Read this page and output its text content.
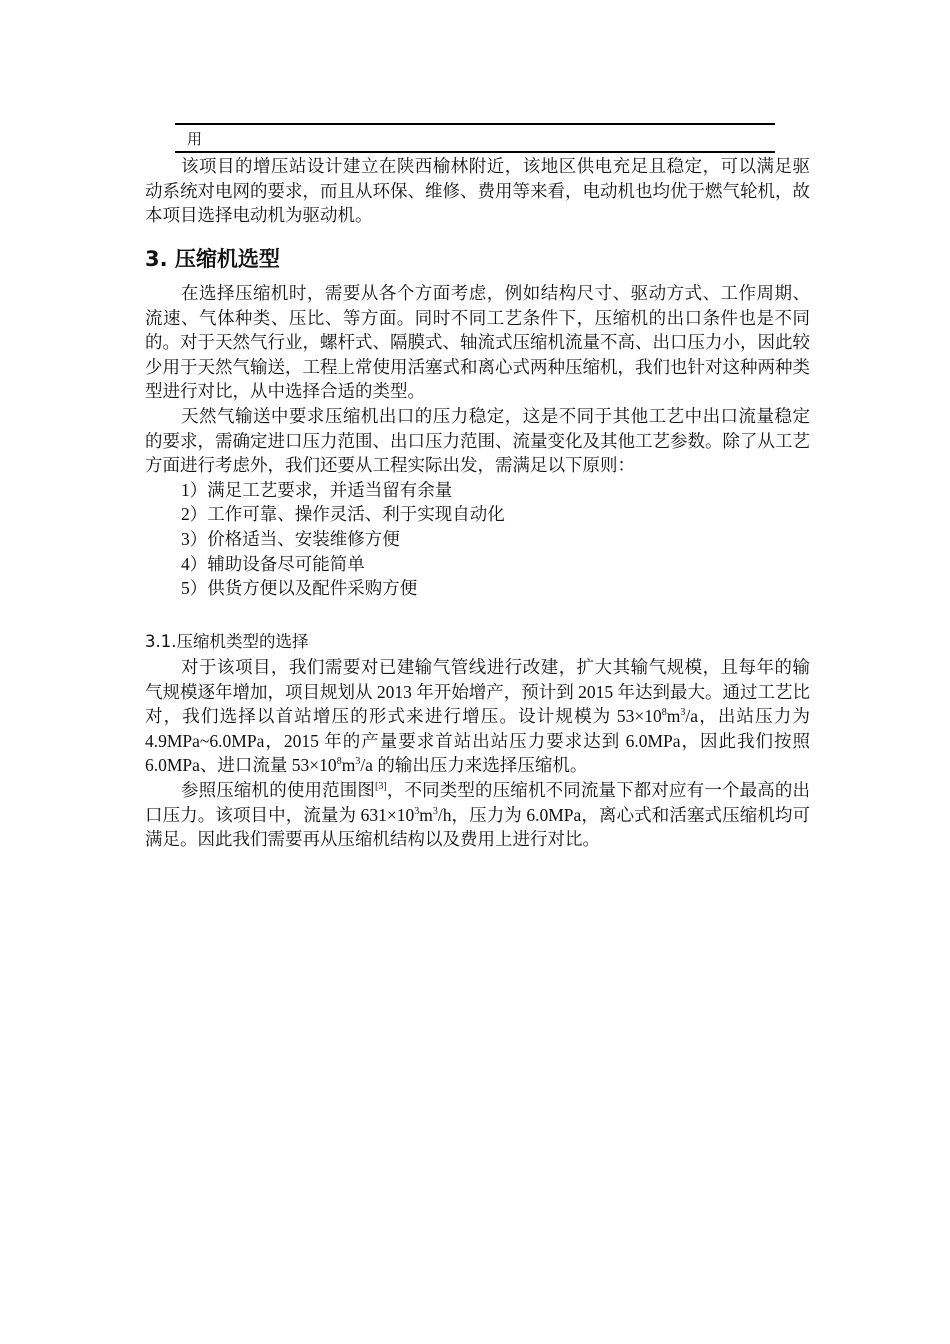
用
该项目的增压站设计建立在陕西榆林附近，该地区供电充足且稳定，可以满足驱动系统对电网的要求，而且从环保、维修、费用等来看，电动机也均优于燃气轮机，故本项目选择电动机为驱动机。
3. 压缩机选型
在选择压缩机时，需要从各个方面考虑，例如结构尺寸、驱动方式、工作周期、流速、气体种类、压比、等方面。同时不同工艺条件下，压缩机的出口条件也是不同的。对于天然气行业，螺杆式、隔膜式、轴流式压缩机流量不高、出口压力小，因此较少用于天然气输送，工程上常使用活塞式和离心式两种压缩机，我们也针对这种两种类型进行对比，从中选择合适的类型。
天然气输送中要求压缩机出口的压力稳定，这是不同于其他工艺中出口流量稳定的要求，需确定进口压力范围、出口压力范围、流量变化及其他工艺参数。除了从工艺方面进行考虑外，我们还要从工程实际出发，需满足以下原则：
1）满足工艺要求，并适当留有余量
2）工作可靠、操作灵活、利于实现自动化
3）价格适当、安装维修方便
4）辅助设备尽可能简单
5）供货方便以及配件采购方便
3.1.压缩机类型的选择
对于该项目，我们需要对已建输气管线进行改建，扩大其输气规模，且每年的输气规模逐年增加，项目规划从 2013 年开始增产，预计到 2015 年达到最大。通过工艺比对，我们选择以首站增压的形式来进行增压。设计规模为 $53\times 10^8m^3/a$，出站压力为 4.9MPa~6.0MPa，2015 年的产量要求首站出站压力要求达到 6.0MPa，因此我们按照 6.0MPa、进口流量 $53\times 10^8m^3/a$ 的输出压力来选择压缩机。
参照压缩机的使用范围图[3]，不同类型的压缩机不同流量下都对应有一个最高的出口压力。该项目中，流量为 $631\times 10^3m^3/h$，压力为 6.0MPa，离心式和活塞式压缩机均可满足。因此我们需要再从压缩机结构以及费用上进行对比。
